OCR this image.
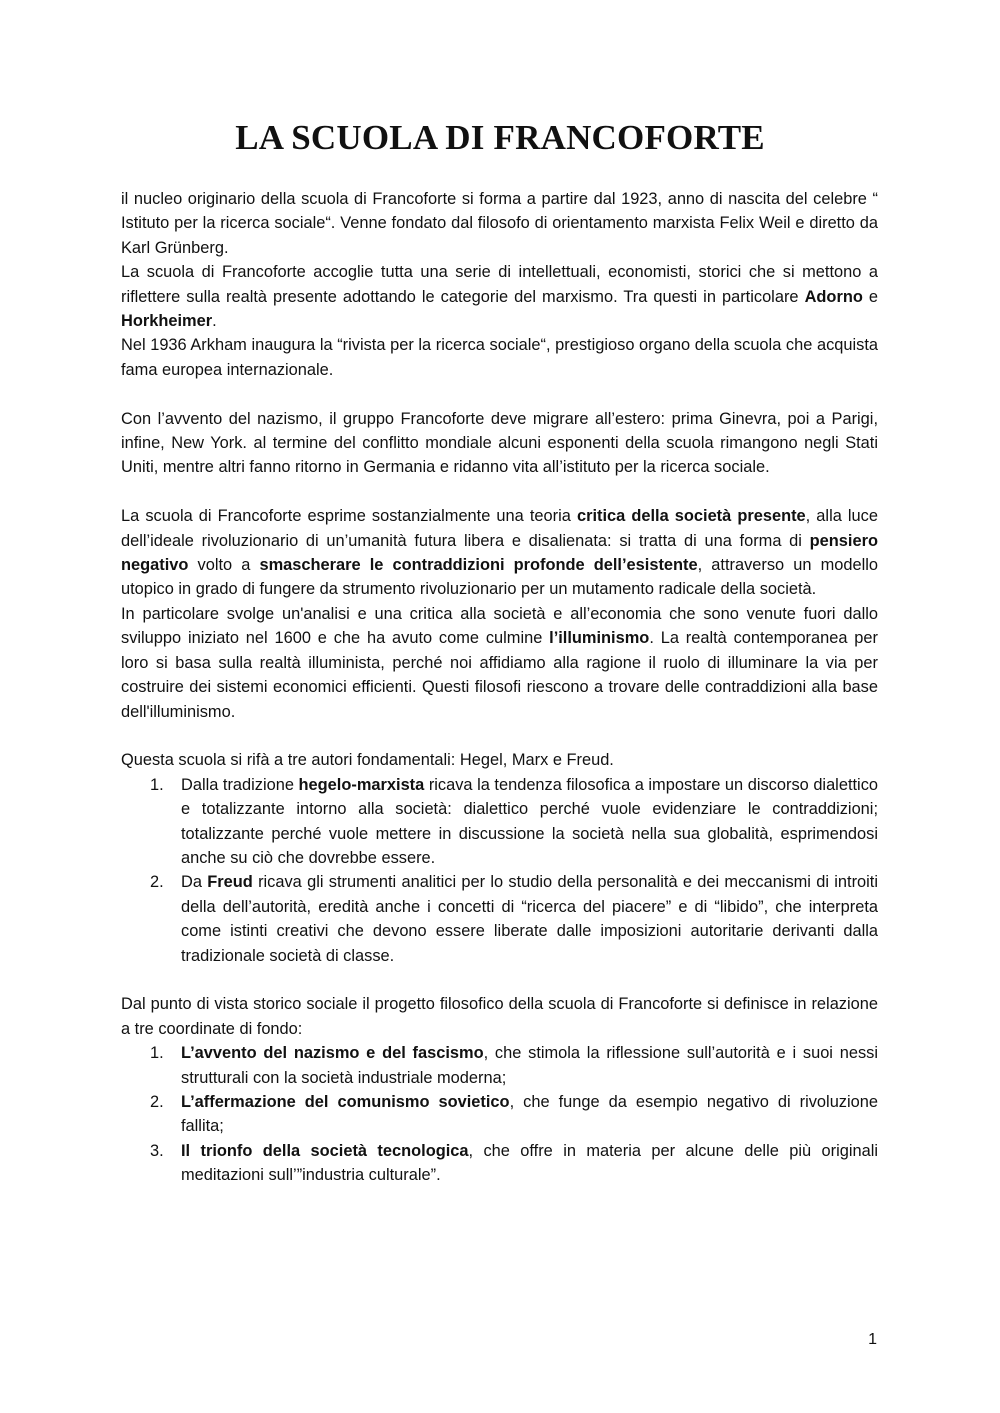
LA SCUOLA DI FRANCOFORTE

il nucleo originario della scuola di Francoforte si forma a partire dal 1923, anno di nascita del celebre “ Istituto per la ricerca sociale“. Venne fondato dal filosofo di orientamento marxista Felix Weil e diretto da Karl Grünberg.

La scuola di Francoforte accoglie tutta una serie di intellettuali, economisti, storici che si mettono a riflettere sulla realtà presente adottando le categorie del marxismo. Tra questi in particolare Adorno e Horkheimer.

Nel 1936 Arkham inaugura la “rivista per la ricerca sociale“, prestigioso organo della scuola che acquista fama europea internazionale.

Con l’avvento del nazismo, il gruppo Francoforte deve migrare all’estero: prima Ginevra, poi a Parigi, infine, New York. al termine del conflitto mondiale alcuni esponenti della scuola rimangono negli Stati Uniti, mentre altri fanno ritorno in Germania e ridanno vita all’istituto per la ricerca sociale.

La scuola di Francoforte esprime sostanzialmente una teoria critica della società presente, alla luce dell’ideale rivoluzionario di un’umanità futura libera e disalienata: si tratta di una forma di pensiero negativo volto a smascherare le contraddizioni profonde dell’esistente, attraverso un modello utopico in grado di fungere da strumento rivoluzionario per un mutamento radicale della società.

In particolare svolge un'analisi e una critica alla società e all’economia che sono venute fuori dallo sviluppo iniziato nel 1600 e che ha avuto come culmine l’illuminismo. La realtà contemporanea per loro si basa sulla realtà illuminista, perché noi affidiamo alla ragione il ruolo di illuminare la via per costruire dei sistemi economici efficienti. Questi filosofi riescono a trovare delle contraddizioni alla base dell'illuminismo.

Questa scuola si rifà a tre autori fondamentali: Hegel, Marx e Freud.

1. Dalla tradizione hegelo-marxista ricava la tendenza filosofica a impostare un discorso dialettico e totalizzante intorno alla società: dialettico perché vuole evidenziare le contraddizioni; totalizzante perché vuole mettere in discussione la società nella sua globalità, esprimendosi anche su ciò che dovrebbe essere.
2. Da Freud ricava gli strumenti analitici per lo studio della personalità e dei meccanismi di introiti della dell’autorità, eredità anche i concetti di “ricerca del piacere” e di “libido”, che interpreta come istinti creativi che devono essere liberate dalle imposizioni autoritarie derivanti dalla tradizionale società di classe.

Dal punto di vista storico sociale il progetto filosofico della scuola di Francoforte si definisce in relazione a tre coordinate di fondo:

1. L’avvento del nazismo e del fascismo, che stimola la riflessione sull’autorità e i suoi nessi strutturali con la società industriale moderna;
2. L’affermazione del comunismo sovietico, che funge da esempio negativo di rivoluzione fallita;
3. Il trionfo della società tecnologica, che offre in materia per alcune delle più originali meditazioni sull’”industria culturale”.
1
